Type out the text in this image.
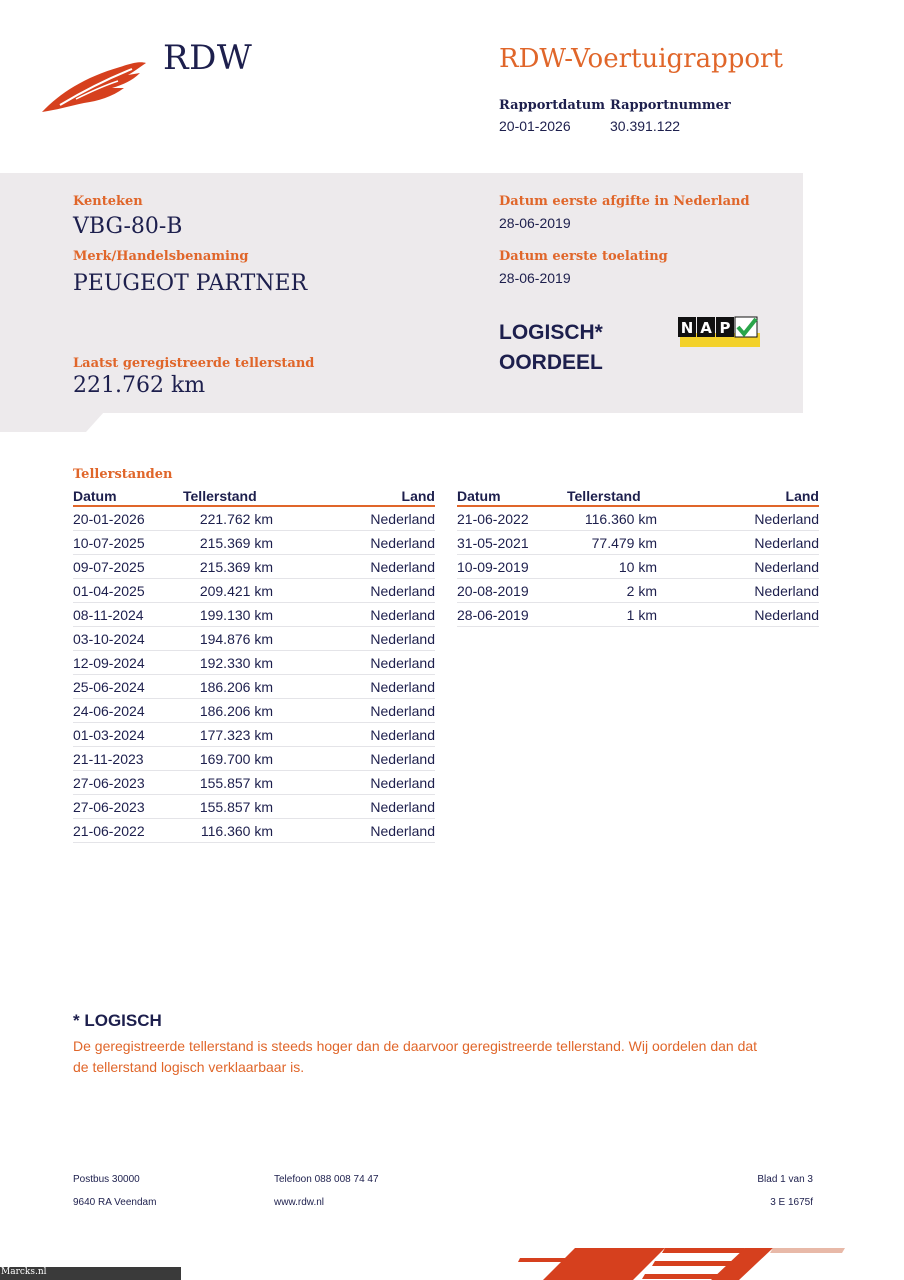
RDW	RDW-Voertuigrapport
Rapportdatum
20-01-2026
Rapportnummer
30.391.122
Kenteken
VBG-80-B
Merk/Handelsbenaming
PEUGEOT PARTNER
Datum eerste afgifte in Nederland
28-06-2019
Datum eerste toelating
28-06-2019
Laatst geregistreerde tellerstand
221.762 km
LOGISCH*
OORDEEL
N A P
Tellerstanden
Datum	Tellerstand	Land
20-01-2026	221.762 km	Nederland
10-07-2025	215.369 km	Nederland
09-07-2025	215.369 km	Nederland
01-04-2025	209.421 km	Nederland
08-11-2024	199.130 km	Nederland
03-10-2024	194.876 km	Nederland
12-09-2024	192.330 km	Nederland
25-06-2024	186.206 km	Nederland
24-06-2024	186.206 km	Nederland
01-03-2024	177.323 km	Nederland
21-11-2023	169.700 km	Nederland
27-06-2023	155.857 km	Nederland
27-06-2023	155.857 km	Nederland
21-06-2022	116.360 km	Nederland
Datum	Tellerstand	Land
21-06-2022	116.360 km	Nederland
31-05-2021	77.479 km	Nederland
10-09-2019	10 km	Nederland
20-08-2019	2 km	Nederland
28-06-2019	1 km	Nederland
* LOGISCH
De geregistreerde tellerstand is steeds hoger dan de daarvoor geregistreerde tellerstand. Wij oordelen dan dat de tellerstand logisch verklaarbaar is.
Postbus 30000
9640 RA Veendam
Telefoon 088 008 74 47
www.rdw.nl
Blad 1 van 3
3 E 1675f
Marcks.nl
